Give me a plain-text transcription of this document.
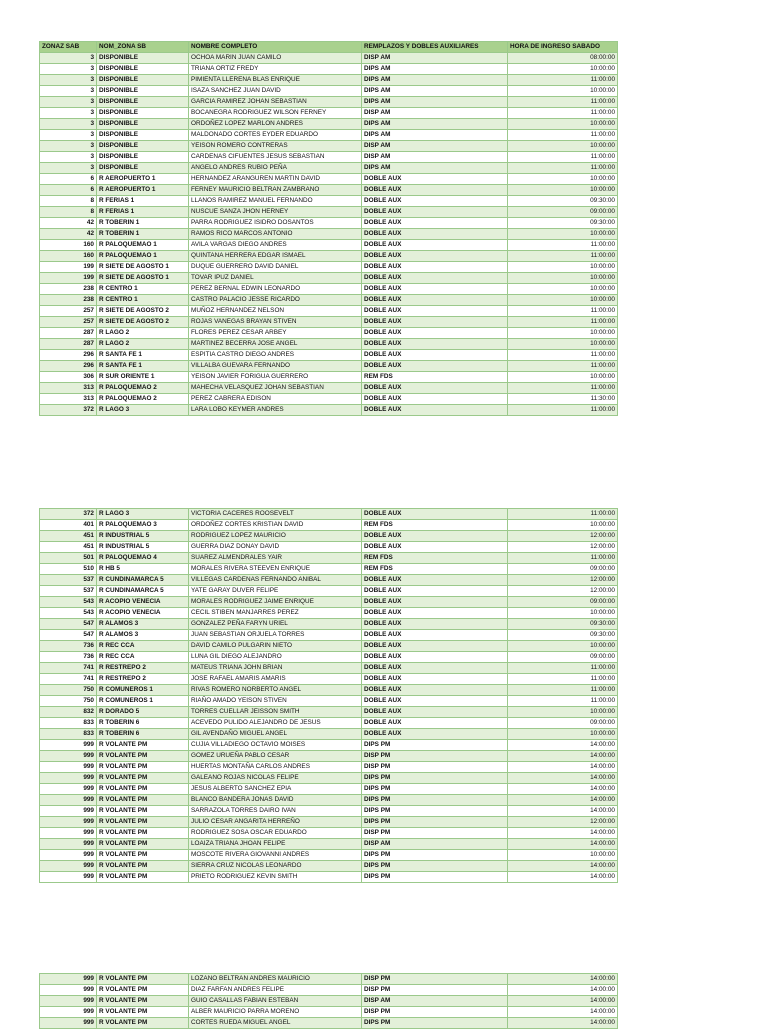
ZONAZ SAB	NOM_ZONA SB	NOMBRE COMPLETO	REMPLAZOS Y DOBLES AUXILIARES	HORA DE INGRESO SABADO
3	DISPONIBLE	OCHOA MARIN JUAN CAMILO	DISP AM	08:00:00
3	DISPONIBLE	TRIANA ORTIZ FREDY	DIPS AM	10:00:00
3	DISPONIBLE	PIMIENTA LLERENA BLAS ENRIQUE	DIPS AM	11:00:00
3	DISPONIBLE	ISAZA SANCHEZ JUAN DAVID	DIPS AM	10:00:00
3	DISPONIBLE	GARCIA RAMIREZ JOHAN SEBASTIAN	DIPS AM	11:00:00
3	DISPONIBLE	BOCANEGRA RODRIGUEZ WILSON FERNEY	DISP AM	11:00:00
3	DISPONIBLE	ORDOÑEZ LOPEZ MARLON ANDRES	DIPS AM	10:00:00
3	DISPONIBLE	MALDONADO CORTES EYDER EDUARDO	DIPS AM	11:00:00
3	DISPONIBLE	YEISON ROMERO CONTRERAS	DISP AM	10:00:00
3	DISPONIBLE	CARDENAS CIFUENTES JESUS SEBASTIAN	DISP AM	11:00:00
3	DISPONIBLE	ANGELO ANDRES RUBIO PEÑA	DIPS AM	11:00:00
6	R AEROPUERTO 1	HERNANDEZ ARANGUREN MARTIN DAVID	DOBLE AUX	10:00:00
6	R AEROPUERTO 1	FERNEY MAURICIO BELTRAN ZAMBRANO	DOBLE AUX	10:00:00
8	R FERIAS 1	LLANOS RAMIREZ MANUEL FERNANDO	DOBLE AUX	09:30:00
8	R FERIAS 1	NUSCUE SANZA JHON HERNEY	DOBLE AUX	09:00:00
42	R TOBERIN 1	PARRA RODRIGUEZ ISIDRO DOSANTOS	DOBLE AUX	09:30:00
42	R TOBERIN 1	RAMOS RICO MARCOS ANTONIO	DOBLE AUX	10:00:00
160	R PALOQUEMAO 1	AVILA VARGAS DIEGO ANDRES	DOBLE AUX	11:00:00
160	R PALOQUEMAO 1	QUINTANA HERRERA EDGAR ISMAEL	DOBLE AUX	11:00:00
199	R SIETE DE AGOSTO 1	DUQUE GUERRERO DAVID DANIEL	DOBLE AUX	10:00:00
199	R SIETE DE AGOSTO 1	TOVAR IPUZ DANIEL	DOBLE AUX	10:00:00
238	R CENTRO 1	PEREZ BERNAL EDWIN LEONARDO	DOBLE AUX	10:00:00
238	R CENTRO 1	CASTRO PALACIO JESSE RICARDO	DOBLE AUX	10:00:00
257	R SIETE DE AGOSTO 2	MUÑOZ HERNANDEZ NELSON	DOBLE AUX	11:00:00
257	R SIETE DE AGOSTO 2	ROJAS VANEGAS BRAYAN STIVEN	DOBLE AUX	11:00:00
287	R LAGO 2	FLORES PEREZ CESAR ARBEY	DOBLE AUX	10:00:00
287	R LAGO 2	MARTINEZ BECERRA JOSE ANGEL	DOBLE AUX	10:00:00
296	R SANTA FE 1	ESPITIA CASTRO DIEGO ANDRES	DOBLE AUX	11:00:00
296	R SANTA FE 1	VILLALBA GUEVARA FERNANDO	DOBLE AUX	11:00:00
306	R SUR ORIENTE 1	YEISON JAVIER FORIGUA GUERRERO	REM FDS	10:00:00
313	R PALOQUEMAO 2	MAHECHA VELASQUEZ JOHAN SEBASTIAN	DOBLE AUX	11:00:00
313	R PALOQUEMAO 2	PEREZ CABRERA EDISON	DOBLE AUX	11:30:00
372	R LAGO 3	LARA LOBO KEYMER ANDRES	DOBLE AUX	11:00:00
372	R LAGO 3	VICTORIA CACERES ROOSEVELT	DOBLE AUX	11:00:00
401	R PALOQUEMAO 3	ORDOÑEZ CORTES KRISTIAN DAVID	REM FDS	10:00:00
451	R INDUSTRIAL 5	RODRIGUEZ LOPEZ MAURICIO	DOBLE AUX	12:00:00
451	R INDUSTRIAL 5	GUERRA DIAZ DONAY DAVID	DOBLE AUX	12:00:00
501	R PALOQUEMAO 4	SUAREZ ALMENDRALES YAIR	REM FDS	11:00:00
510	R HB 5	MORALES RIVERA STEEVEN ENRIQUE	REM FDS	09:00:00
537	R CUNDINAMARCA 5	VILLEGAS CARDENAS FERNANDO ANIBAL	DOBLE AUX	12:00:00
537	R CUNDINAMARCA 5	YATE GARAY DUVER FELIPE	DOBLE AUX	12:00:00
543	R ACOPIO VENECIA	MORALES RODRIGUEZ JAIME ENRIQUE	DOBLE AUX	09:00:00
543	R ACOPIO VENECIA	CECIL STIBEN MANJARRES PEREZ	DOBLE AUX	10:00:00
547	R ALAMOS 3	GONZALEZ PEÑA FARYN URIEL	DOBLE AUX	09:30:00
547	R ALAMOS 3	JUAN SEBASTIAN ORJUELA TORRES	DOBLE AUX	09:30:00
736	R REC CCA	DAVID CAMILO PULGARIN NIETO	DOBLE AUX	10:00:00
736	R REC CCA	LUNA GIL DIEGO ALEJANDRO	DOBLE AUX	09:00:00
741	R RESTREPO 2	MATEUS TRIANA JOHN BRIAN	DOBLE AUX	11:00:00
741	R RESTREPO 2	JOSE RAFAEL AMARIS AMARIS	DOBLE AUX	11:00:00
750	R COMUNEROS 1	RIVAS ROMERO NORBERTO ANGEL	DOBLE AUX	11:00:00
750	R COMUNEROS 1	RIAÑO AMADO YEISON STIVEN	DOBLE AUX	11:00:00
832	R DORADO 5	TORRES CUELLAR JEISSON SMITH	DOBLE AUX	10:00:00
833	R TOBERIN 6	ACEVEDO PULIDO ALEJANDRO DE JESUS	DOBLE AUX	09:00:00
833	R TOBERIN 6	GIL AVENDAÑO MIGUEL ANGEL	DOBLE AUX	10:00:00
999	R VOLANTE PM	CUJIA VILLADIEGO OCTAVIO MOISES	DIPS PM	14:00:00
999	R VOLANTE PM	GOMEZ URUEÑA PABLO CESAR	DISP PM	14:00:00
999	R VOLANTE PM	HUERTAS MONTAÑA CARLOS ANDRES	DISP PM	14:00:00
999	R VOLANTE PM	GALEANO ROJAS NICOLAS FELIPE	DIPS PM	14:00:00
999	R VOLANTE PM	JESUS ALBERTO SANCHEZ EPIA	DIPS PM	14:00:00
999	R VOLANTE PM	BLANCO BANDERA JONAS DAVID	DIPS PM	14:00:00
999	R VOLANTE PM	SARRAZOLA TORRES DAIRO IVAN	DIPS PM	14:00:00
999	R VOLANTE PM	JULIO CESAR ANGARITA HERREÑO	DIPS PM	12:00:00
999	R VOLANTE PM	RODRIGUEZ SOSA OSCAR EDUARDO	DISP PM	14:00:00
999	R VOLANTE PM	LOAIZA TRIANA JHOAN FELIPE	DISP AM	14:00:00
999	R VOLANTE PM	MOSCOTE RIVERA GIOVANNI ANDRES	DIPS PM	10:00:00
999	R VOLANTE PM	SIERRA CRUZ NICOLAS LEONARDO	DIPS PM	14:00:00
999	R VOLANTE PM	PRIETO RODRIGUEZ KEVIN SMITH	DIPS PM	14:00:00
999	R VOLANTE PM	LOZANO BELTRAN ANDRES MAURICIO	DISP PM	14:00:00
999	R VOLANTE PM	DIAZ FARFAN ANDRES FELIPE	DISP PM	14:00:00
999	R VOLANTE PM	GUIO CASALLAS FABIAN ESTEBAN	DISP AM	14:00:00
999	R VOLANTE PM	ALBER MAURICIO PARRA MORENO	DISP PM	14:00:00
999	R VOLANTE PM	CORTES RUEDA MIGUEL ANGEL	DIPS PM	14:00:00
